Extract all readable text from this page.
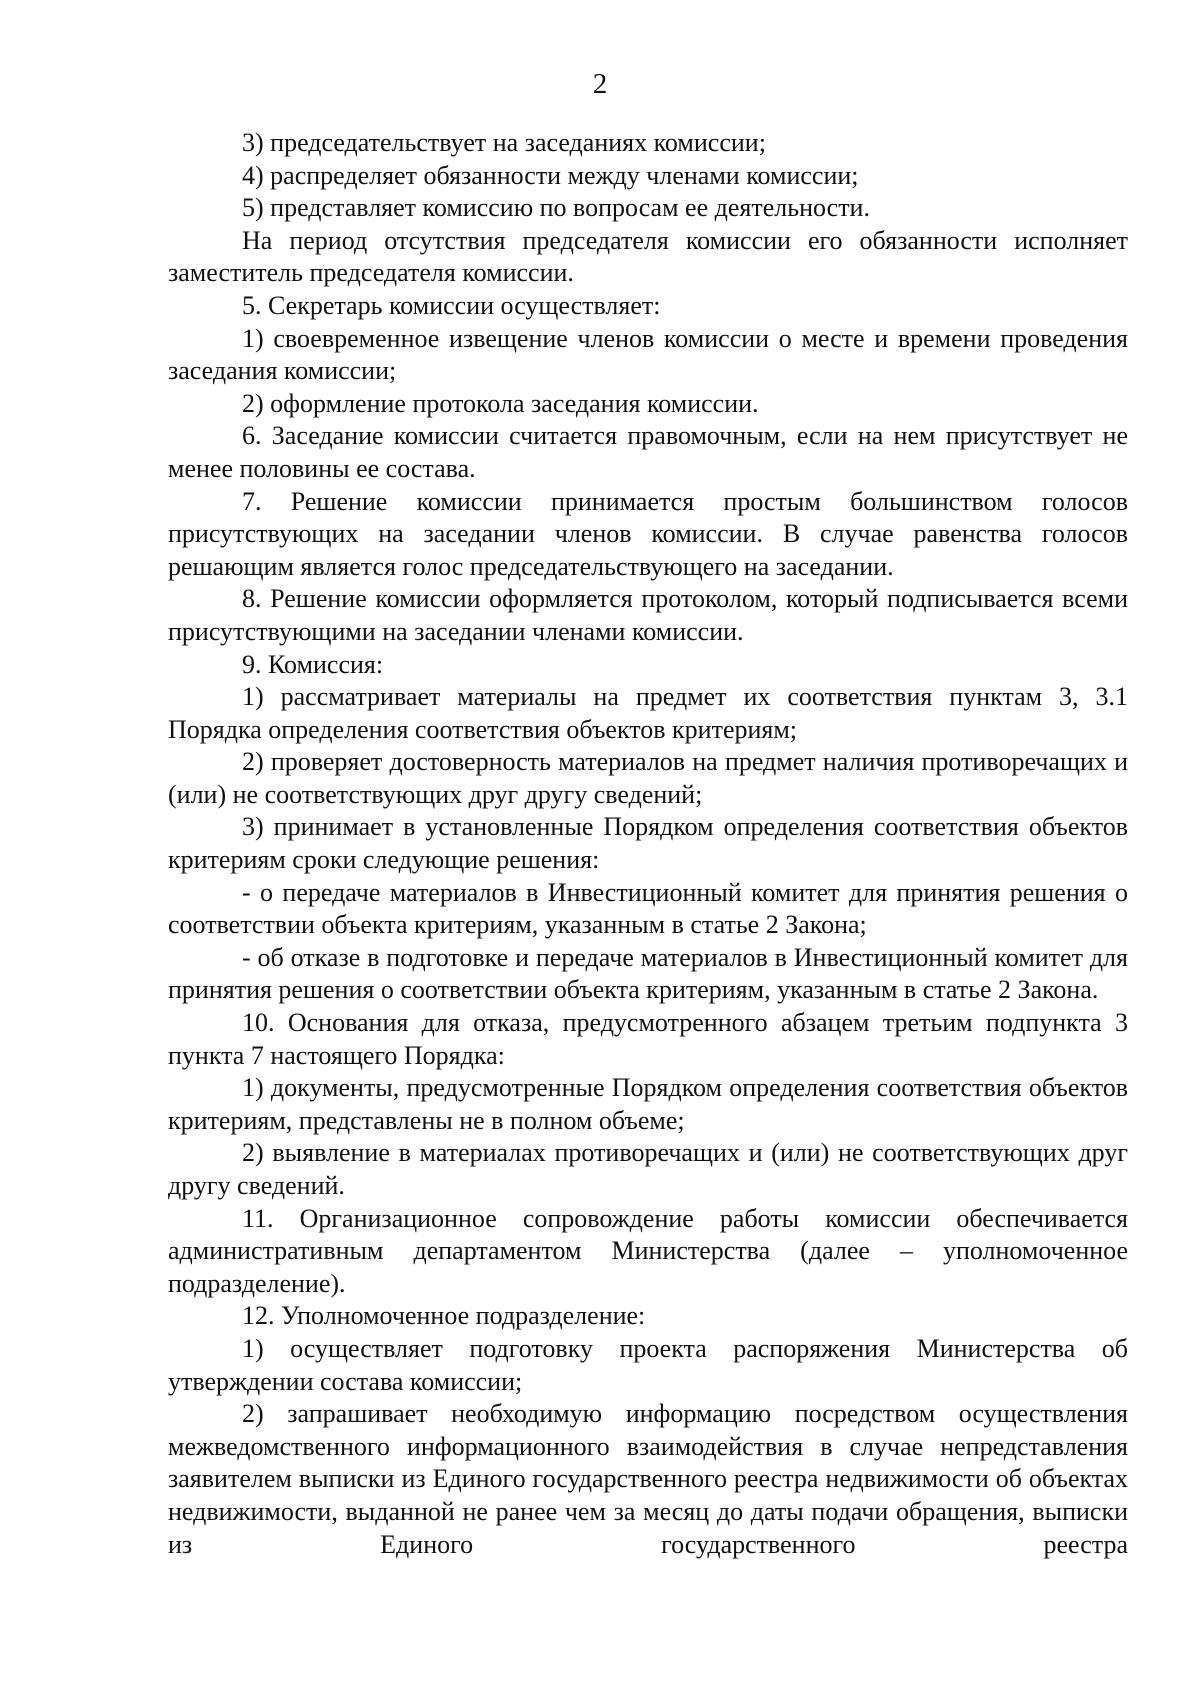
2

3) председательствует на заседаниях комиссии;

4) распределяет обязанности между членами комиссии;

5) представляет комиссию по вопросам ее деятельности.

На период отсутствия председателя комиссии его обязанности исполняет заместитель председателя комиссии.

5. Секретарь комиссии осуществляет:

1) своевременное извещение членов комиссии о месте и времени проведения заседания комиссии;

2) оформление протокола заседания комиссии.

6. Заседание комиссии считается правомочным, если на нем присутствует не менее половины ее состава.

7. Решение комиссии принимается простым большинством голосов присутствующих на заседании членов комиссии. В случае равенства голосов решающим является голос председательствующего на заседании.

8. Решение комиссии оформляется протоколом, который подписывается всеми присутствующими на заседании членами комиссии.

9. Комиссия:

1) рассматривает материалы на предмет их соответствия пунктам 3, 3.1 Порядка определения соответствия объектов критериям;

2) проверяет достоверность материалов на предмет наличия противоречащих и (или) не соответствующих друг другу сведений;

3) принимает в установленные Порядком определения соответствия объектов критериям сроки следующие решения:

- о передаче материалов в Инвестиционный комитет для принятия решения о соответствии объекта критериям, указанным в статье 2 Закона;

- об отказе в подготовке и передаче материалов в Инвестиционный комитет для принятия решения о соответствии объекта критериям, указанным в статье 2 Закона.

10. Основания для отказа, предусмотренного абзацем третьим подпункта 3 пункта 7 настоящего Порядка:

1) документы, предусмотренные Порядком определения соответствия объектов критериям, представлены не в полном объеме;

2) выявление в материалах противоречащих и (или) не соответствующих друг другу сведений.

11. Организационное сопровождение работы комиссии обеспечивается административным департаментом Министерства (далее – уполномоченное подразделение).

12. Уполномоченное подразделение:

1) осуществляет подготовку проекта распоряжения Министерства об утверждении состава комиссии;

2) запрашивает необходимую информацию посредством осуществления межведомственного информационного взаимодействия в случае непредставления заявителем выписки из Единого государственного реестра недвижимости об объектах недвижимости, выданной не ранее чем за месяц до даты подачи обращения, выписки из Единого государственного реестра
